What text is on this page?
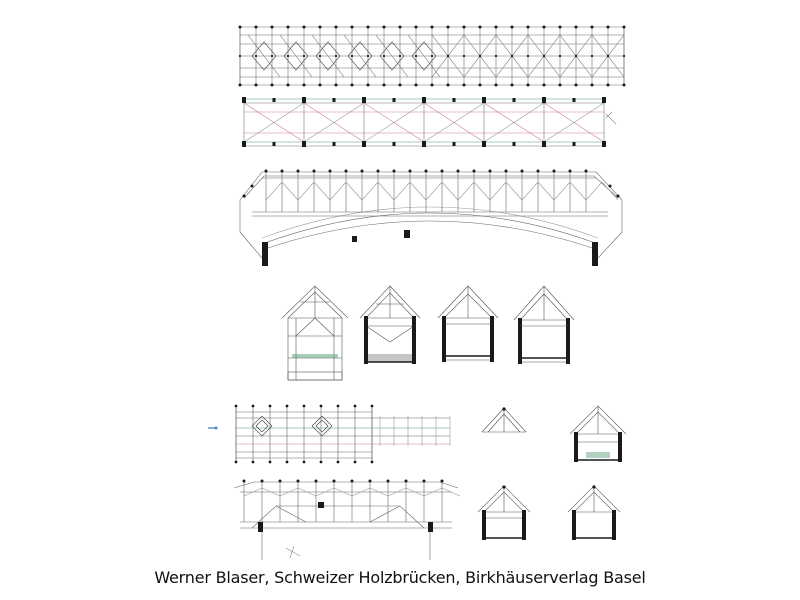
Werner Blaser, Schweizer Holzbrücken, Birkhäuserverlag Basel
